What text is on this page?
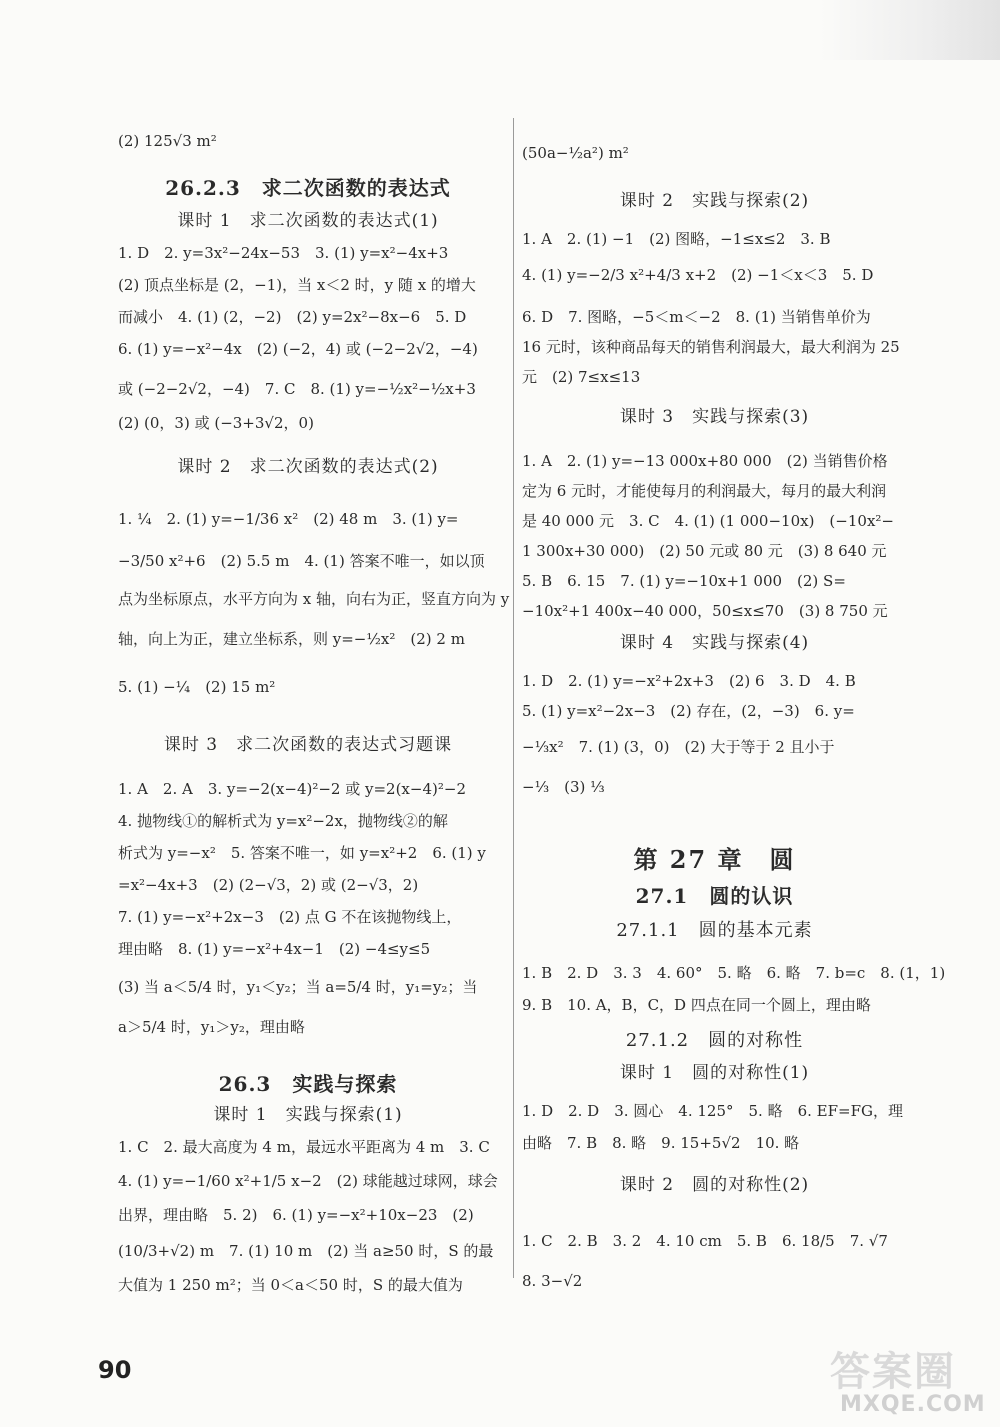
(2) 125√3 m²
26.2.3　求二次函数的表达式
课时 1　求二次函数的表达式(1)
1. D　2. y=3x²−24x−53　3. (1) y=x²−4x+3
(2) 顶点坐标是 (2，−1)，当 x＜2 时，y 随 x 的增大
而减小　4. (1) (2，−2)　(2) y=2x²−8x−6　5. D
6. (1) y=−x²−4x　(2) (−2，4) 或 (−2−2√2，−4)
或 (−2−2√2，−4)　7. C　8. (1) y=−½x²−½x+3
(2) (0，3) 或 (−3+3√2，0)
课时 2　求二次函数的表达式(2)
1. ¼　2. (1) y=−1/36 x²　(2) 48 m　3. (1) y=
−3/50 x²+6　(2) 5.5 m　4. (1) 答案不唯一，如以顶
点为坐标原点，水平方向为 x 轴，向右为正，竖直方向为 y
轴，向上为正，建立坐标系，则 y=−½x²　(2) 2 m
5. (1) −¼　(2) 15 m²
课时 3　求二次函数的表达式习题课
1. A　2. A　3. y=−2(x−4)²−2 或 y=2(x−4)²−2
4. 抛物线①的解析式为 y=x²−2x，抛物线②的解
析式为 y=−x²　5. 答案不唯一，如 y=x²+2　6. (1) y
=x²−4x+3　(2) (2−√3，2) 或 (2−√3，2)
7. (1) y=−x²+2x−3　(2) 点 G 不在该抛物线上，
理由略　8. (1) y=−x²+4x−1　(2) −4≤y≤5
(3) 当 a＜5/4 时，y₁＜y₂；当 a=5/4 时，y₁=y₂；当
a＞5/4 时，y₁＞y₂，理由略
26.3　实践与探索
课时 1　实践与探索(1)
1. C　2. 最大高度为 4 m，最远水平距离为 4 m　3. C
4. (1) y=−1/60 x²+1/5 x−2　(2) 球能越过球网，球会
出界，理由略　5. 2)　6. (1) y=−x²+10x−23　(2)
(10/3+√2) m　7. (1) 10 m　(2) 当 a≥50 时，S 的最
大值为 1 250 m²；当 0＜a＜50 时，S 的最大值为
(50a−½a²) m²
课时 2　实践与探索(2)
1. A　2. (1) −1　(2) 图略，−1≤x≤2　3. B
4. (1) y=−2/3 x²+4/3 x+2　(2) −1＜x＜3　5. D
6. D　7. 图略，−5＜m＜−2　8. (1) 当销售单价为
16 元时，该种商品每天的销售利润最大，最大利润为 25
元　(2) 7≤x≤13
课时 3　实践与探索(3)
1. A　2. (1) y=−13 000x+80 000　(2) 当销售价格
定为 6 元时，才能使每月的利润最大，每月的最大利润
是 40 000 元　3. C　4. (1) (1 000−10x)　(−10x²−
1 300x+30 000)　(2) 50 元或 80 元　(3) 8 640 元
5. B　6. 15　7. (1) y=−10x+1 000　(2) S=
−10x²+1 400x−40 000，50≤x≤70　(3) 8 750 元
课时 4　实践与探索(4)
1. D　2. (1) y=−x²+2x+3　(2) 6　3. D　4. B
5. (1) y=x²−2x−3　(2) 存在，(2，−3)　6. y=
−⅓x²　7. (1) (3，0)　(2) 大于等于 2 且小于
−⅓　(3) ⅓
第 27 章　圆
27.1　圆的认识
27.1.1　圆的基本元素
1. B　2. D　3. 3　4. 60°　5. 略　6. 略　7. b=c　8. (1，1)
9. B　10. A，B，C，D 四点在同一个圆上，理由略
27.1.2　圆的对称性
课时 1　圆的对称性(1)
1. D　2. D　3. 圆心　4. 125°　5. 略　6. EF=FG，理
由略　7. B　8. 略　9. 15+5√2　10. 略
课时 2　圆的对称性(2)
1. C　2. B　3. 2　4. 10 cm　5. B　6. 18/5　7. √7
8. 3−√2
90	答案圈
MXQE.COM
